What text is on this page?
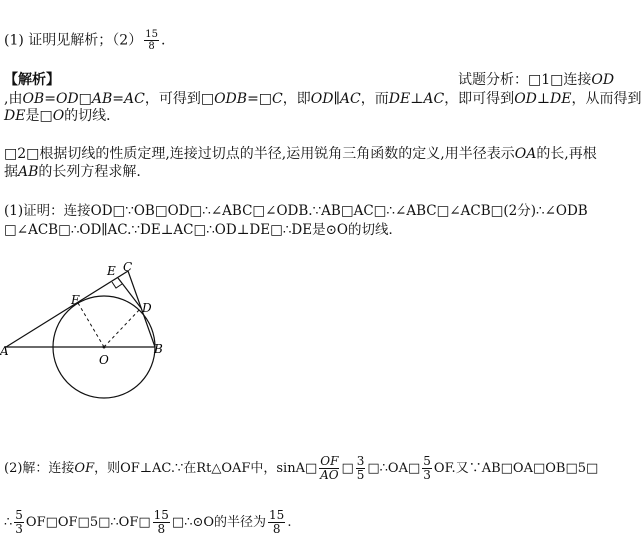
(1) 证明见解析；$(2) \frac{15}{8}$ .
【解析】	试题分析：□1□连接OD
,由OB=OD□AB=AC，可得到□ODB=□C，即OD∥AC，而DE⊥AC，即可得到OD⊥DE，从而得到
DE是□O的切线．
□2□根据切线的性质定理,连接过切点的半径,运用锐角三角函数的定义,用半径表示OA的长,再根
据AB的长列方程求解.
(1)证明：连接OD□∵OB□OD□∴∠ABC□∠ODB.∵AB□AC□∴∠ABC□∠ACB□(2分)∴∠ODB
□∠ACB□∴OD∥AC.∵DE⊥AC□∴OD⊥DE□∴DE是⊙O的切线．
A	B
C
D
E
F
O
(2)解：连接OF，则OF⊥AC.∵在Rt△OAF中，sinA□ $\frac{OF}{AO}$ □ $\frac{3}{5}$ □∴OA□ $\frac{5}{3}$ OF.又∵AB□OA□OB□5□
∴ $\frac{5}{3}$ OF□OF□5□∴OF□ $\frac{15}{8}$ □∴⊙O的半径为 $\frac{15}{8}$ .
